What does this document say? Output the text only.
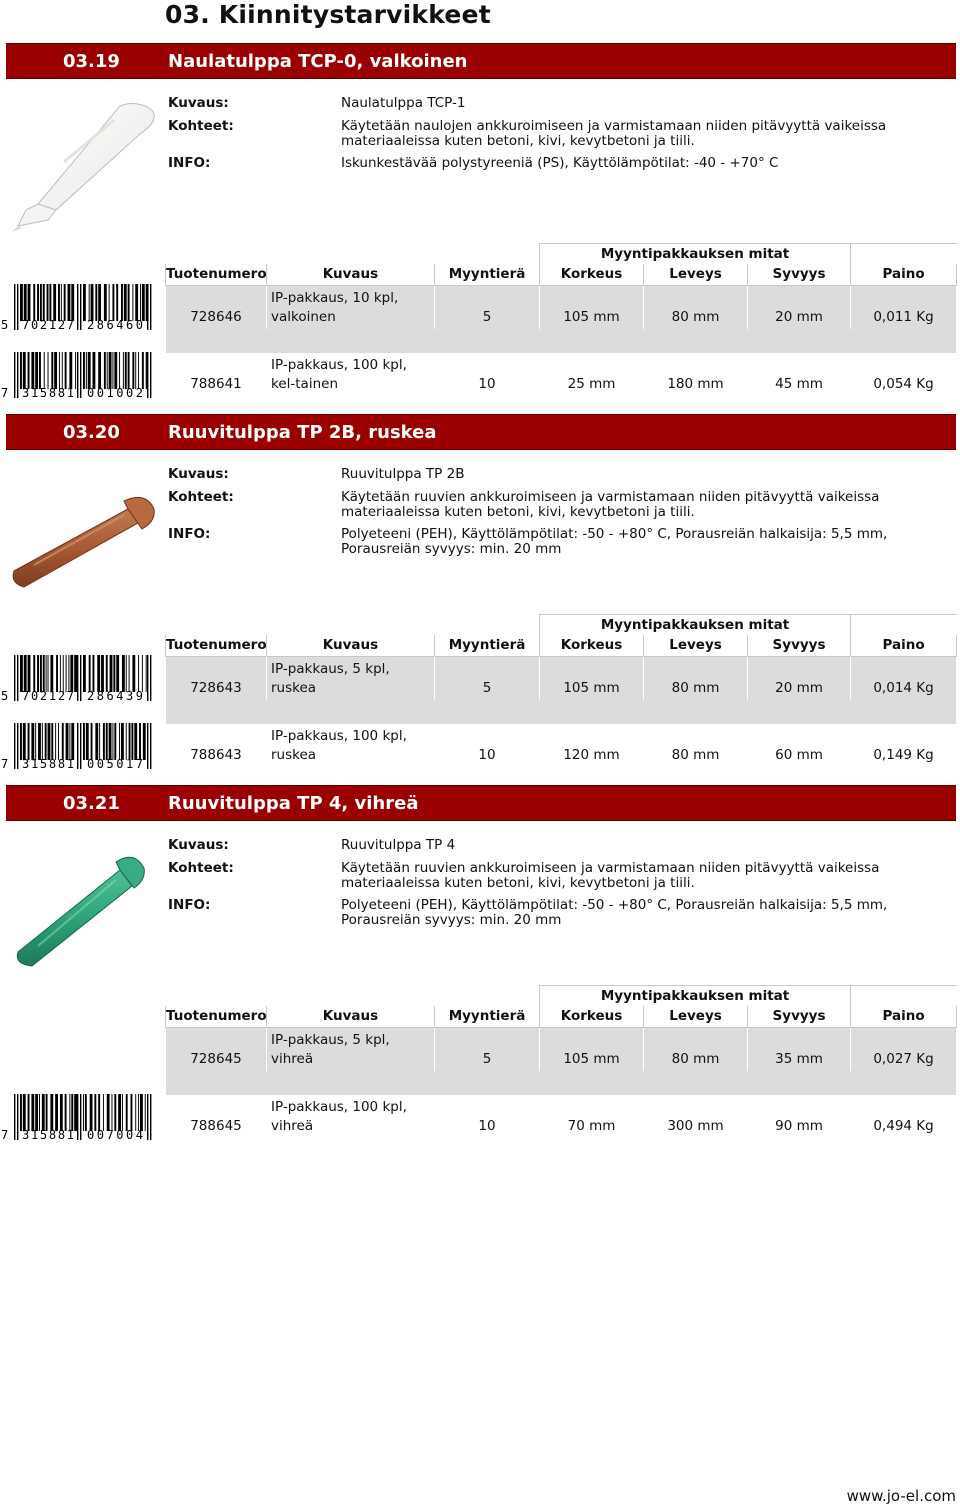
03. Kiinnitystarvikkeet
03.19	Naulatulppa TCP-0, valkoinen
Kuvaus:	Naulatulppa TCP-1
Kohteet:	Käytetään naulojen ankkuroimiseen ja varmistamaan niiden pitävyyttä vaikeissa materiaaleissa kuten betoni, kivi, kevytbetoni ja tiili.
INFO:	Iskunkestävää polystyreeniä (PS), Käyttölämpötilat: -40 - +70° C
			Myyntipakkauksen mitat			
Tuotenumero	Kuvaus	Myyntierä	Korkeus	Leveys	Syvyys	Paino
728646	IP-pakkaus, 10 kpl, valkoinen	5	105 mm	80 mm	20 mm	0,011 Kg

788641	IP-pakkaus, 100 kpl, kel-tainen	10	25 mm	180 mm	45 mm	0,054 Kg
5 702127 286460
7 315881 001002
03.20	Ruuvitulppa TP 2B, ruskea
Kuvaus:	Ruuvitulppa TP 2B
Kohteet:	Käytetään ruuvien ankkuroimiseen ja varmistamaan niiden pitävyyttä vaikeissa materiaaleissa kuten betoni, kivi, kevytbetoni ja tiili.
INFO:	Polyeteeni (PEH), Käyttölämpötilat: -50 - +80° C, Porausreiän halkaisija: 5,5 mm, Porausreiän syvyys: min. 20 mm
			Myyntipakkauksen mitat			
Tuotenumero	Kuvaus	Myyntierä	Korkeus	Leveys	Syvyys	Paino
728643	IP-pakkaus, 5 kpl, ruskea	5	105 mm	80 mm	20 mm	0,014 Kg

788643	IP-pakkaus, 100 kpl, ruskea	10	120 mm	80 mm	60 mm	0,149 Kg
5 702127 286439
7 315881 005017
03.21	Ruuvitulppa TP 4, vihreä
Kuvaus:	Ruuvitulppa TP 4
Kohteet:	Käytetään ruuvien ankkuroimiseen ja varmistamaan niiden pitävyyttä vaikeissa materiaaleissa kuten betoni, kivi, kevytbetoni ja tiili.
INFO:	Polyeteeni (PEH), Käyttölämpötilat: -50 - +80° C, Porausreiän halkaisija: 5,5 mm, Porausreiän syvyys: min. 20 mm
			Myyntipakkauksen mitat			
Tuotenumero	Kuvaus	Myyntierä	Korkeus	Leveys	Syvyys	Paino
728645	IP-pakkaus, 5 kpl, vihreä	5	105 mm	80 mm	35 mm	0,027 Kg

788645	IP-pakkaus, 100 kpl, vihreä	10	70 mm	300 mm	90 mm	0,494 Kg
7 315881 007004
www.jo-el.com
